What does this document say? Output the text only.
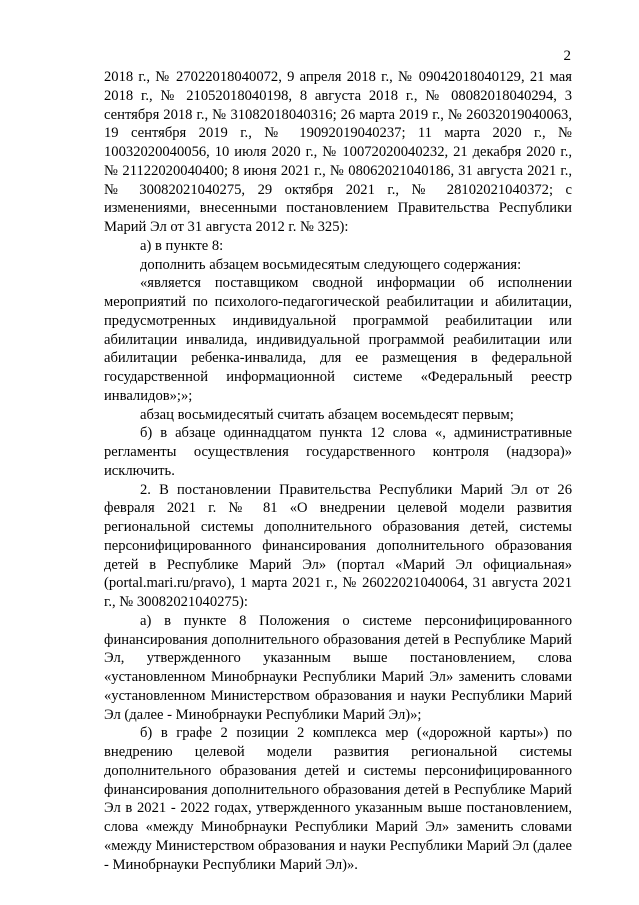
2

2018 г., № 27022018040072, 9 апреля 2018 г., № 09042018040129, 21 мая 2018 г., № 21052018040198, 8 августа 2018 г., № 08082018040294, 3 сентября 2018 г., № 31082018040316; 26 марта 2019 г., № 26032019040063, 19 сентября 2019 г., № 19092019040237; 11 марта 2020 г., № 10032020040056, 10 июля 2020 г., № 10072020040232, 21 декабря 2020 г., № 21122020040400; 8 июня 2021 г., № 08062021040186, 31 августа 2021 г., № 30082021040275, 29 октября 2021 г., № 28102021040372; с изменениями, внесенными постановлением Правительства Республики Марий Эл от 31 августа 2012 г. № 325):

а) в пункте 8:

дополнить абзацем восьмидесятым следующего содержания:

«является поставщиком сводной информации об исполнении мероприятий по психолого-педагогической реабилитации и абилитации, предусмотренных индивидуальной программой реабилитации или абилитации инвалида, индивидуальной программой реабилитации или абилитации ребенка-инвалида, для ее размещения в федеральной государственной информационной системе «Федеральный реестр инвалидов»;»;

абзац восьмидесятый считать абзацем восемьдесят первым;

б) в абзаце одиннадцатом пункта 12 слова «, административные регламенты осуществления государственного контроля (надзора)» исключить.

2. В постановлении Правительства Республики Марий Эл от 26 февраля 2021 г. № 81 «О внедрении целевой модели развития региональной системы дополнительного образования детей, системы персонифицированного финансирования дополнительного образования детей в Республике Марий Эл» (портал «Марий Эл официальная» (portal.mari.ru/pravo), 1 марта 2021 г., № 26022021040064, 31 августа 2021 г., № 30082021040275):

а) в пункте 8 Положения о системе персонифицированного финансирования дополнительного образования детей в Республике Марий Эл, утвержденного указанным выше постановлением, слова «установленном Минобрнауки Республики Марий Эл» заменить словами «установленном Министерством образования и науки Республики Марий Эл (далее - Минобрнауки Республики Марий Эл)»;

б) в графе 2 позиции 2 комплекса мер («дорожной карты») по внедрению целевой модели развития региональной системы дополнительного образования детей и системы персонифицированного финансирования дополнительного образования детей в Республике Марий Эл в 2021 - 2022 годах, утвержденного указанным выше постановлением, слова «между Минобрнауки Республики Марий Эл» заменить словами «между Министерством образования и науки Республики Марий Эл (далее - Минобрнауки Республики Марий Эл)».
